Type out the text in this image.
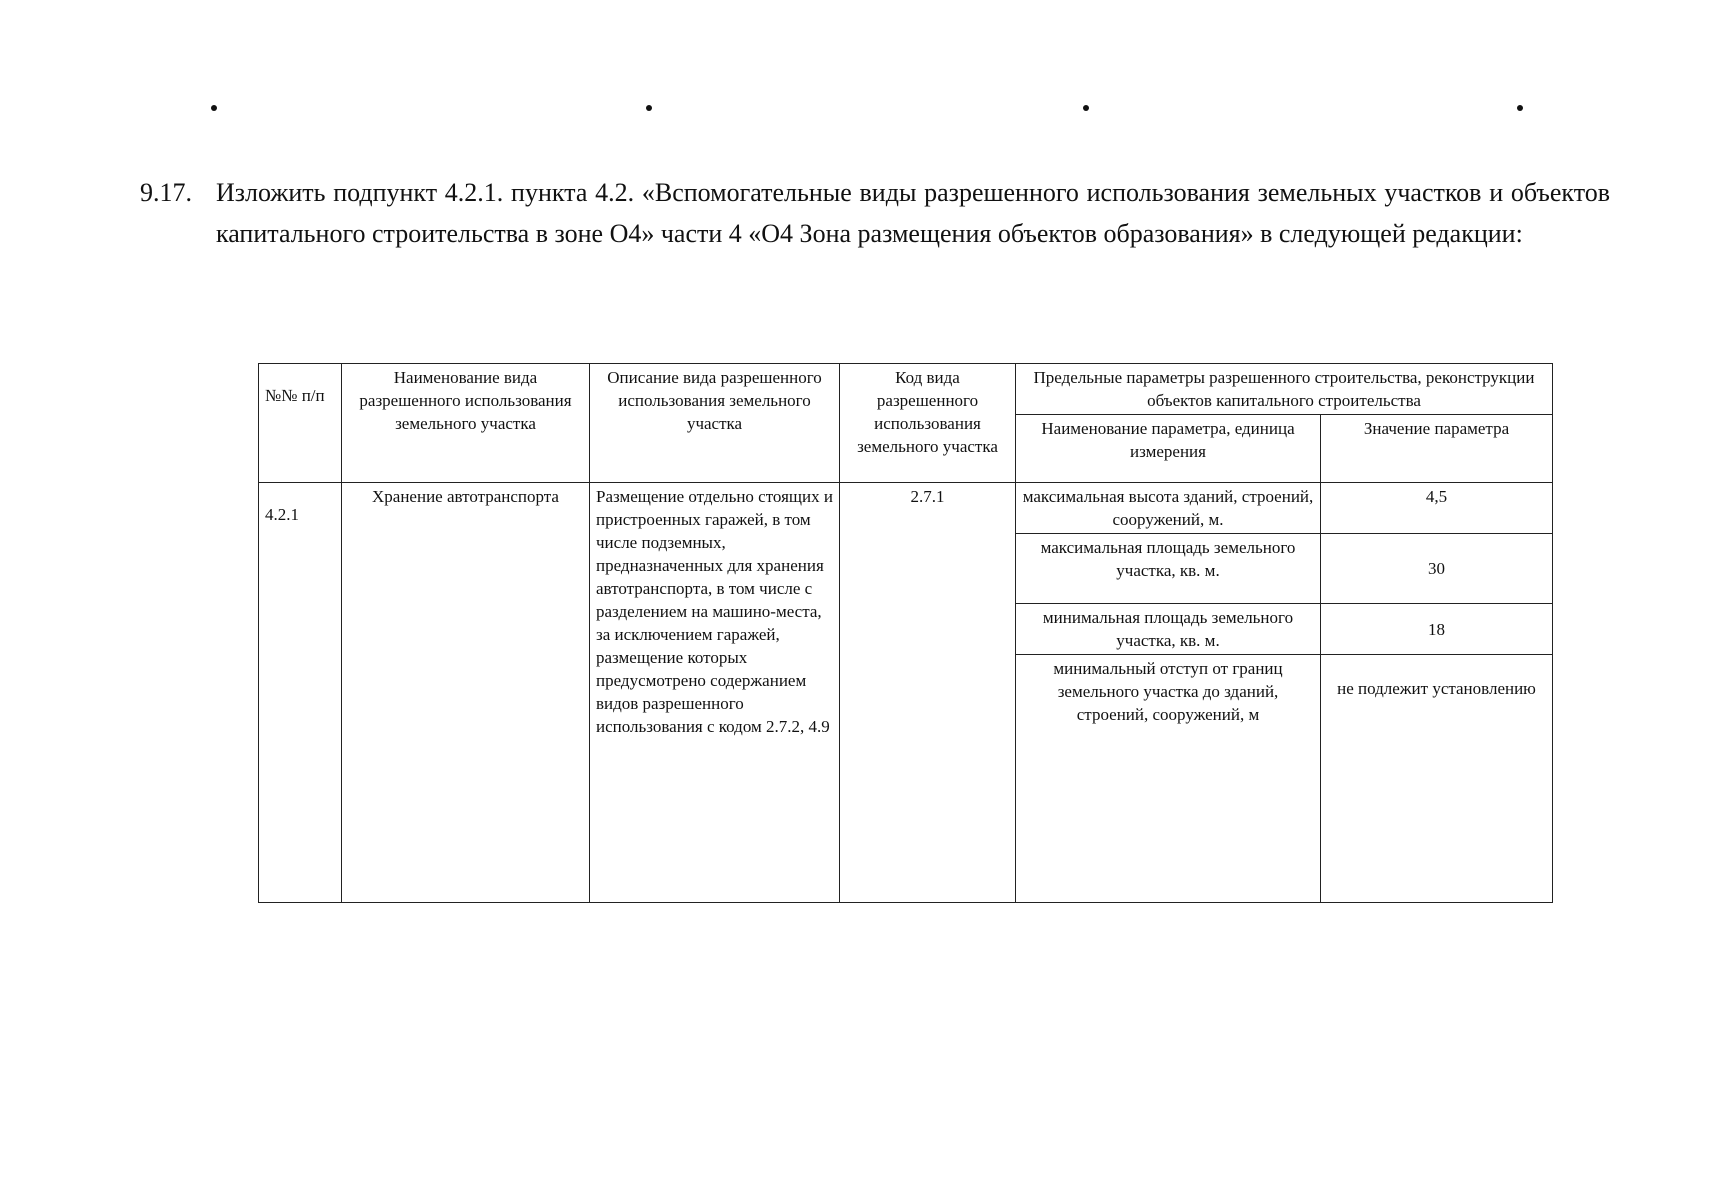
9.17. Изложить подпункт 4.2.1. пункта 4.2. «Вспомогательные виды разрешенного использования земельных участков и объектов капитального строительства в зоне О4» части 4 «О4 Зона размещения объектов образования» в следующей редакции:
№№ п/п	Наименование вида разрешенного использования земельного участка	Описание вида разрешенного использования земельного участка	Код вида разрешенного использования земельного участка	Предельные параметры разрешенного строительства, реконструкции объектов капитального строительства	
				Наименование параметра, единица измерения	Значение параметра
4.2.1	Хранение автотранспорта	Размещение отдельно стоящих и пристроенных гаражей, в том числе подземных, предназначенных для хранения автотранспорта, в том числе с разделением на машино-места, за исключением гаражей, размещение которых предусмотрено содержанием видов разрешенного использования с кодом 2.7.2, 4.9	2.7.1	максимальная высота зданий, строений, сооружений, м.	4,5
				максимальная площадь земельного участка, кв. м.	30
				минимальная площадь земельного участка, кв. м.	18
				минимальный отступ от границ земельного участка до зданий, строений, сооружений, м	не подлежит установлению
